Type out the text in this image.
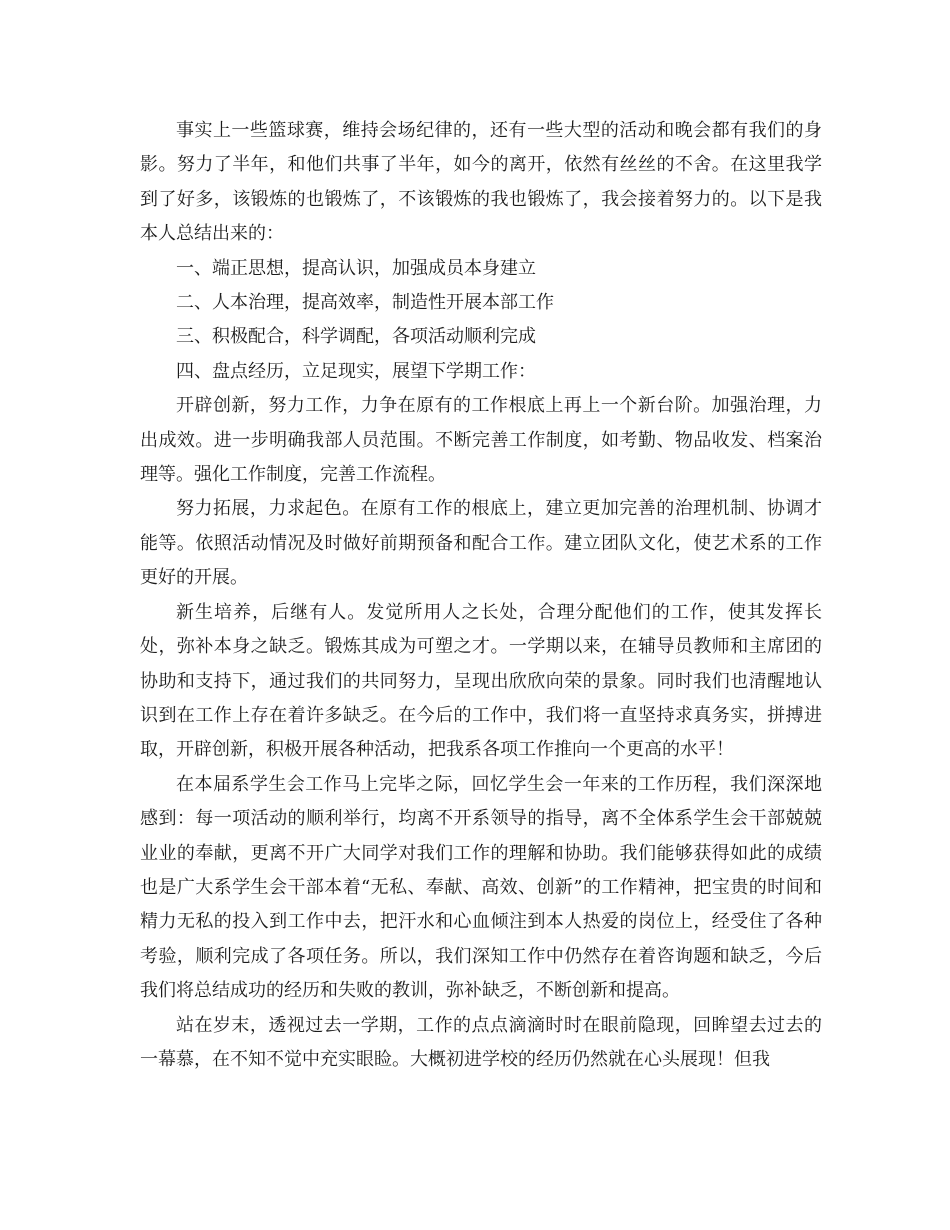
事实上一些篮球赛，维持会场纪律的，还有一些大型的活动和晚会都有我们的身影。努力了半年，和他们共事了半年，如今的离开，依然有丝丝的不舍。在这里我学到了好多，该锻炼的也锻炼了，不该锻炼的我也锻炼了，我会接着努力的。以下是我本人总结出来的：

一、端正思想，提高认识，加强成员本身建立

二、人本治理，提高效率，制造性开展本部工作

三、积极配合，科学调配，各项活动顺利完成

四、盘点经历，立足现实，展望下学期工作：

开辟创新，努力工作，力争在原有的工作根底上再上一个新台阶。加强治理，力出成效。进一步明确我部人员范围。不断完善工作制度，如考勤、物品收发、档案治理等。强化工作制度，完善工作流程。

努力拓展，力求起色。在原有工作的根底上，建立更加完善的治理机制、协调才能等。依照活动情况及时做好前期预备和配合工作。建立团队文化，使艺术系的工作更好的开展。

新生培养，后继有人。发觉所用人之长处，合理分配他们的工作，使其发挥长处，弥补本身之缺乏。锻炼其成为可塑之才。一学期以来，在辅导员教师和主席团的协助和支持下，通过我们的共同努力，呈现出欣欣向荣的景象。同时我们也清醒地认识到在工作上存在着许多缺乏。在今后的工作中，我们将一直坚持求真务实，拼搏进取，开辟创新，积极开展各种活动，把我系各项工作推向一个更高的水平！

在本届系学生会工作马上完毕之际，回忆学生会一年来的工作历程，我们深深地感到：每一项活动的顺利举行，均离不开系领导的指导，离不全体系学生会干部兢兢业业的奉献，更离不开广大同学对我们工作的理解和协助。我们能够获得如此的成绩也是广大系学生会干部本着“无私、奉献、高效、创新”的工作精神，把宝贵的时间和精力无私的投入到工作中去，把汗水和心血倾注到本人热爱的岗位上，经受住了各种考验，顺利完成了各项任务。所以，我们深知工作中仍然存在着咨询题和缺乏，今后我们将总结成功的经历和失败的教训，弥补缺乏，不断创新和提高。

站在岁末，透视过去一学期，工作的点点滴滴时时在眼前隐现，回眸望去过去的一幕慕，在不知不觉中充实眼睑。大概初进学校的经历仍然就在心头展现！但我
